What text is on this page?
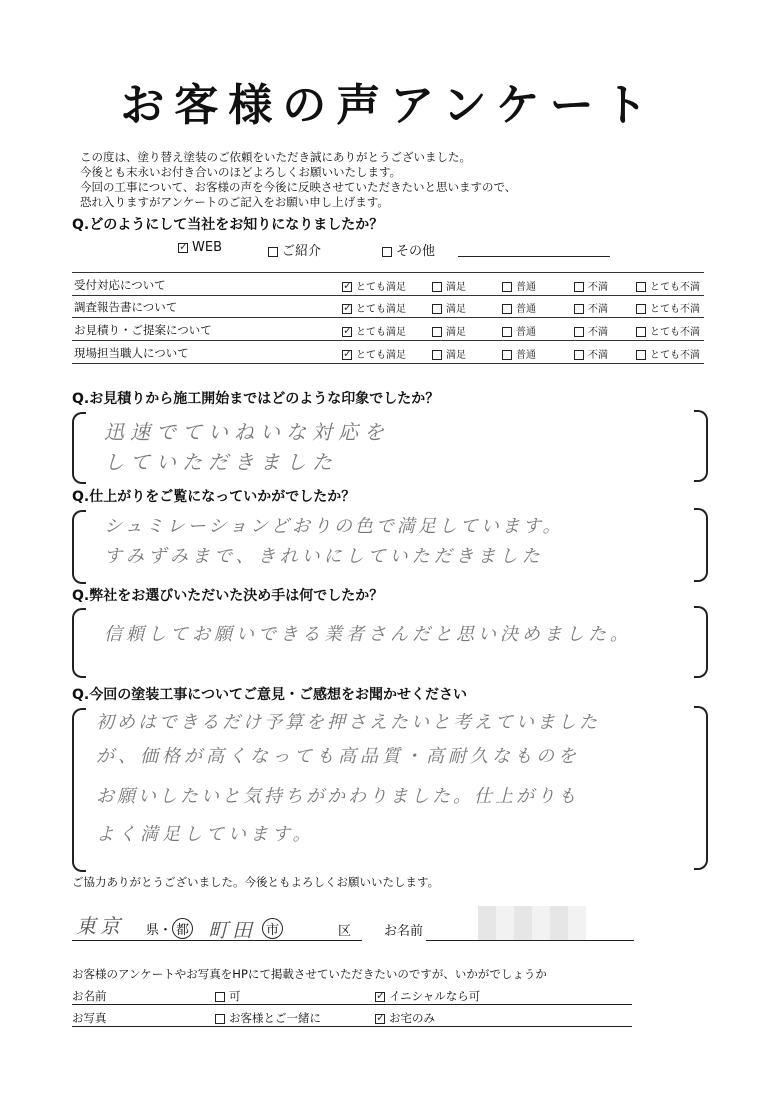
お客様の声アンケート
この度は、塗り替え塗装のご依頼をいただき誠にありがとうございました。
今後とも末永いお付き合いのほどよろしくお願いいたします。
今回の工事について、お客様の声を今後に反映させていただきたいと思いますので、
恐れ入りますがアンケートのご記入をお願い申し上げます。
Q.どのようにして当社をお知りになりましたか？
✓WEB	ご紹介	その他
受付対応について ✓	とても満足	満足	普通	不満	とても不満
調査報告書について ✓	とても満足	満足	普通	不満	とても不満
お見積り・ご提案について ✓	とても満足	満足	普通	不満	とても不満
現場担当職人について ✓	とても満足	満足	普通	不満	とても不満
Q.お見積りから施工開始まではどのような印象でしたか？
迅速でていねいな対応を
していただきました
Q.仕上がりをご覧になっていかがでしたか？
シュミレーションどおりの色で満足しています。
すみずみまで、きれいにしていただきました
Q.弊社をお選びいただいた決め手は何でしたか？
信頼してお願いできる業者さんだと思い決めました。
Q.今回の塗装工事についてご意見・ご感想をお聞かせください
初めはできるだけ予算を押さえたいと考えていました
が、価格が高くなっても高品質・高耐久なものを
お願いしたいと気持ちがかわりました。仕上がりも
よく満足しています。
ご協力ありがとうございました。今後ともよろしくお願いいたします。
東京 県・ 都 町田 市	区	お名前
お客様のアンケートやお写真をHPにて掲載させていただきたいのですが、いかがでしょうか
お名前	可 ✓	イニシャルなら可
お写真	お客様とご一緒に ✓	お宅のみ
